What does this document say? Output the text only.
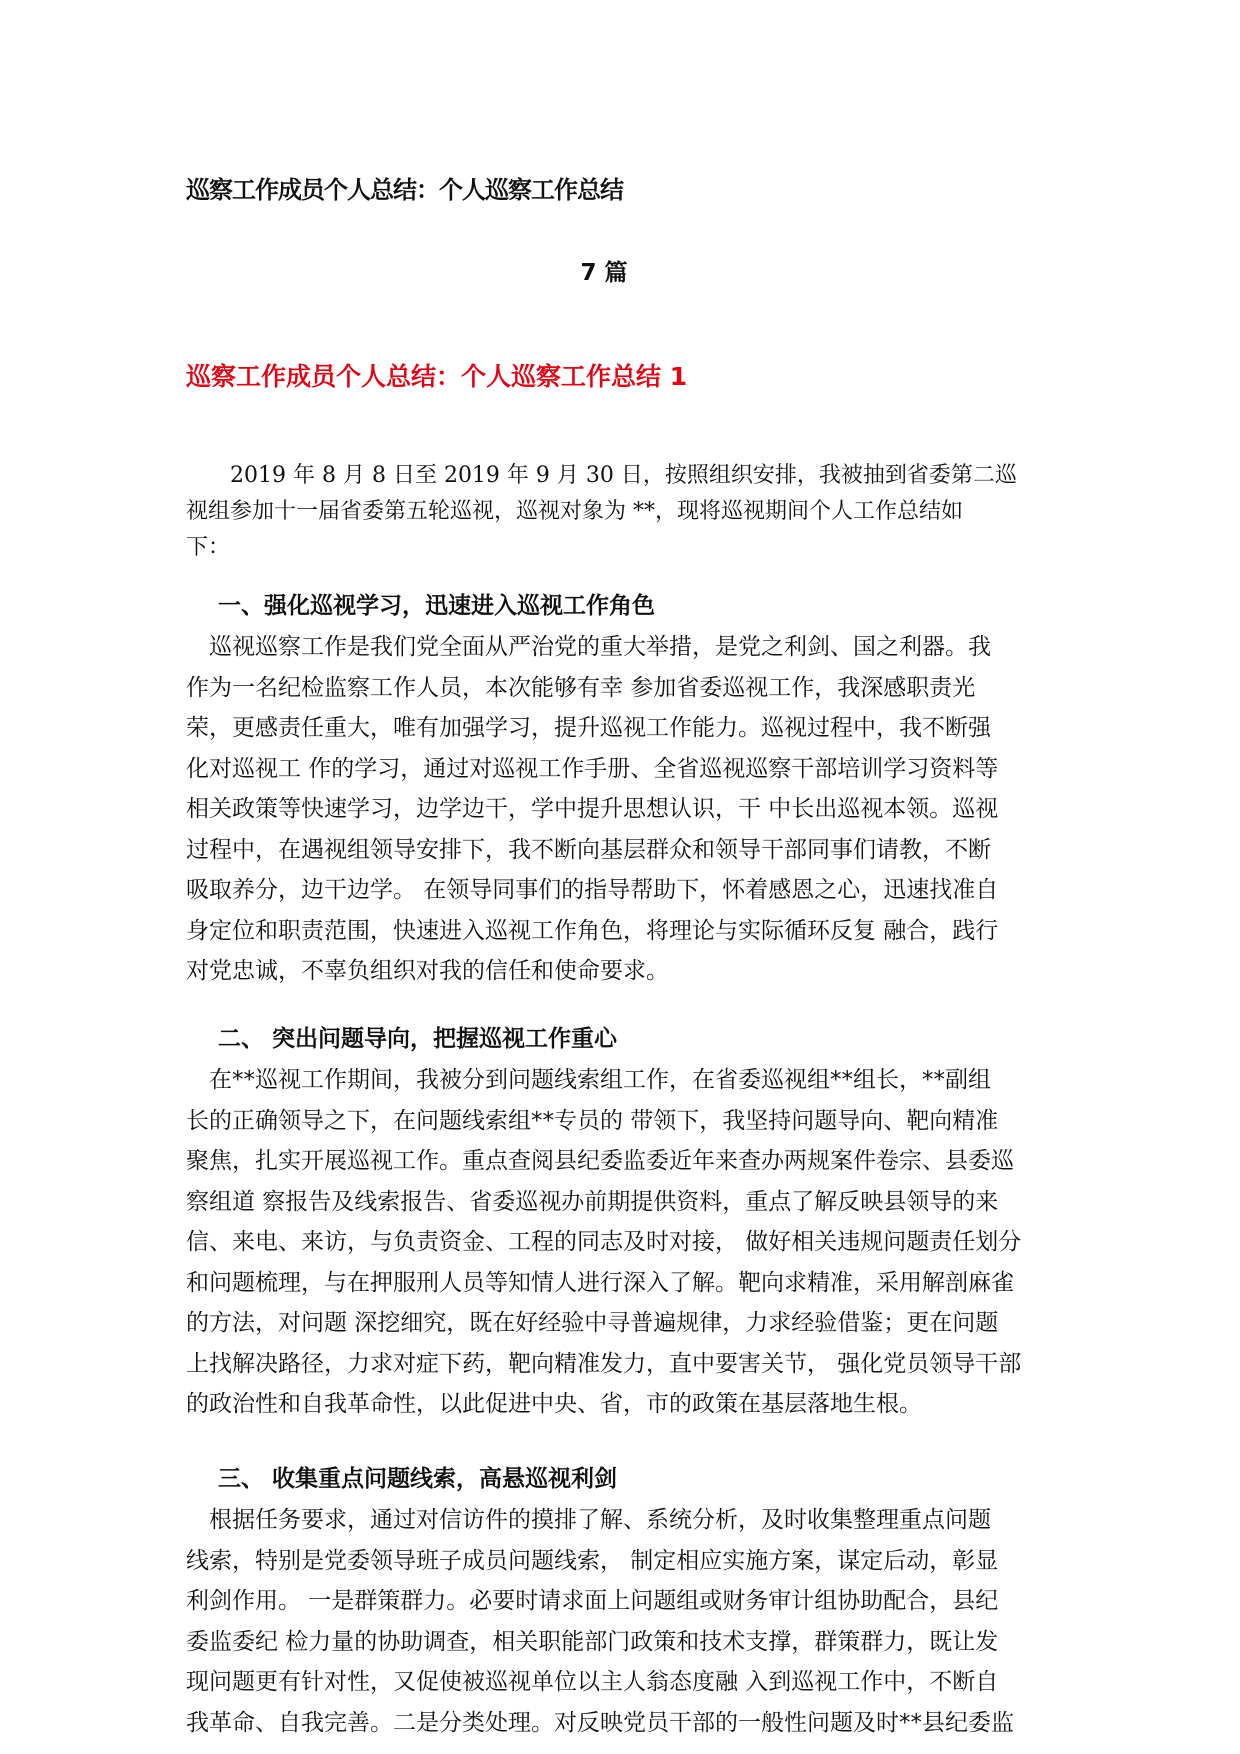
巡察工作成员个人总结：个人巡察工作总结
7 篇
巡察工作成员个人总结：个人巡察工作总结 1
　　2019 年 8 月 8 日至 2019 年 9 月 30 日，按照组织安排，我被抽到省委第二巡
视组参加十一届省委第五轮巡视，巡视对象为 **，现将巡视期间个人工作总结如
下：
一、强化巡视学习，迅速进入巡视工作角色
　巡视巡察工作是我们党全面从严治党的重大举措，是党之利剑、国之利器。我
作为一名纪检监察工作人员，本次能够有幸 参加省委巡视工作，我深感职责光
荣，更感责任重大，唯有加强学习，提升巡视工作能力。巡视过程中，我不断强
化对巡视工 作的学习，通过对巡视工作手册、全省巡视巡察干部培训学习资料等
相关政策等快速学习，边学边干，学中提升思想认识，干 中长出巡视本领。巡视
过程中，在遇视组领导安排下，我不断向基层群众和领导干部同事们请教，不断
吸取养分，边干边学。 在领导同事们的指导帮助下，怀着感恩之心，迅速找准自
身定位和职责范围，快速进入巡视工作角色，将理论与实际循环反复 融合，践行
对党忠诚，不辜负组织对我的信任和使命要求。
二、 突出问题导向，把握巡视工作重心
　在**巡视工作期间，我被分到问题线索组工作，在省委巡视组**组长，**副组
长的正确领导之下，在问题线索组**专员的 带领下，我坚持问题导向、靶向精准
聚焦，扎实开展巡视工作。重点查阅县纪委监委近年来查办两规案件卷宗、县委巡
察组道 察报告及线索报告、省委巡视办前期提供资料，重点了解反映县领导的来
信、来电、来访，与负责资金、工程的同志及时对接， 做好相关违规问题责任划分
和问题梳理，与在押服刑人员等知情人进行深入了解。靶向求精准，采用解剖麻雀
的方法，对问题 深挖细究，既在好经验中寻普遍规律，力求经验借鉴；更在问题
上找解决路径，力求对症下药，靶向精准发力，直中要害关节， 强化党员领导干部
的政治性和自我革命性，以此促进中央、省，市的政策在基层落地生根。
三、 收集重点问题线索，高悬巡视利剑
　根据任务要求，通过对信访件的摸排了解、系统分析，及时收集整理重点问题
线索，特别是党委领导班子成员问题线索， 制定相应实施方案，谋定后动，彰显
利剑作用。 一是群策群力。必要时请求面上问题组或财务审计组协助配合，县纪
委监委纪 检力量的协助调查，相关职能部门政策和技术支撑，群策群力，既让发
现问题更有针对性，又促使被巡视单位以主人翁态度融 入到巡视工作中，不断自
我革命、自我完善。二是分类处理。对反映党员干部的一般性问题及时**县纪委监
